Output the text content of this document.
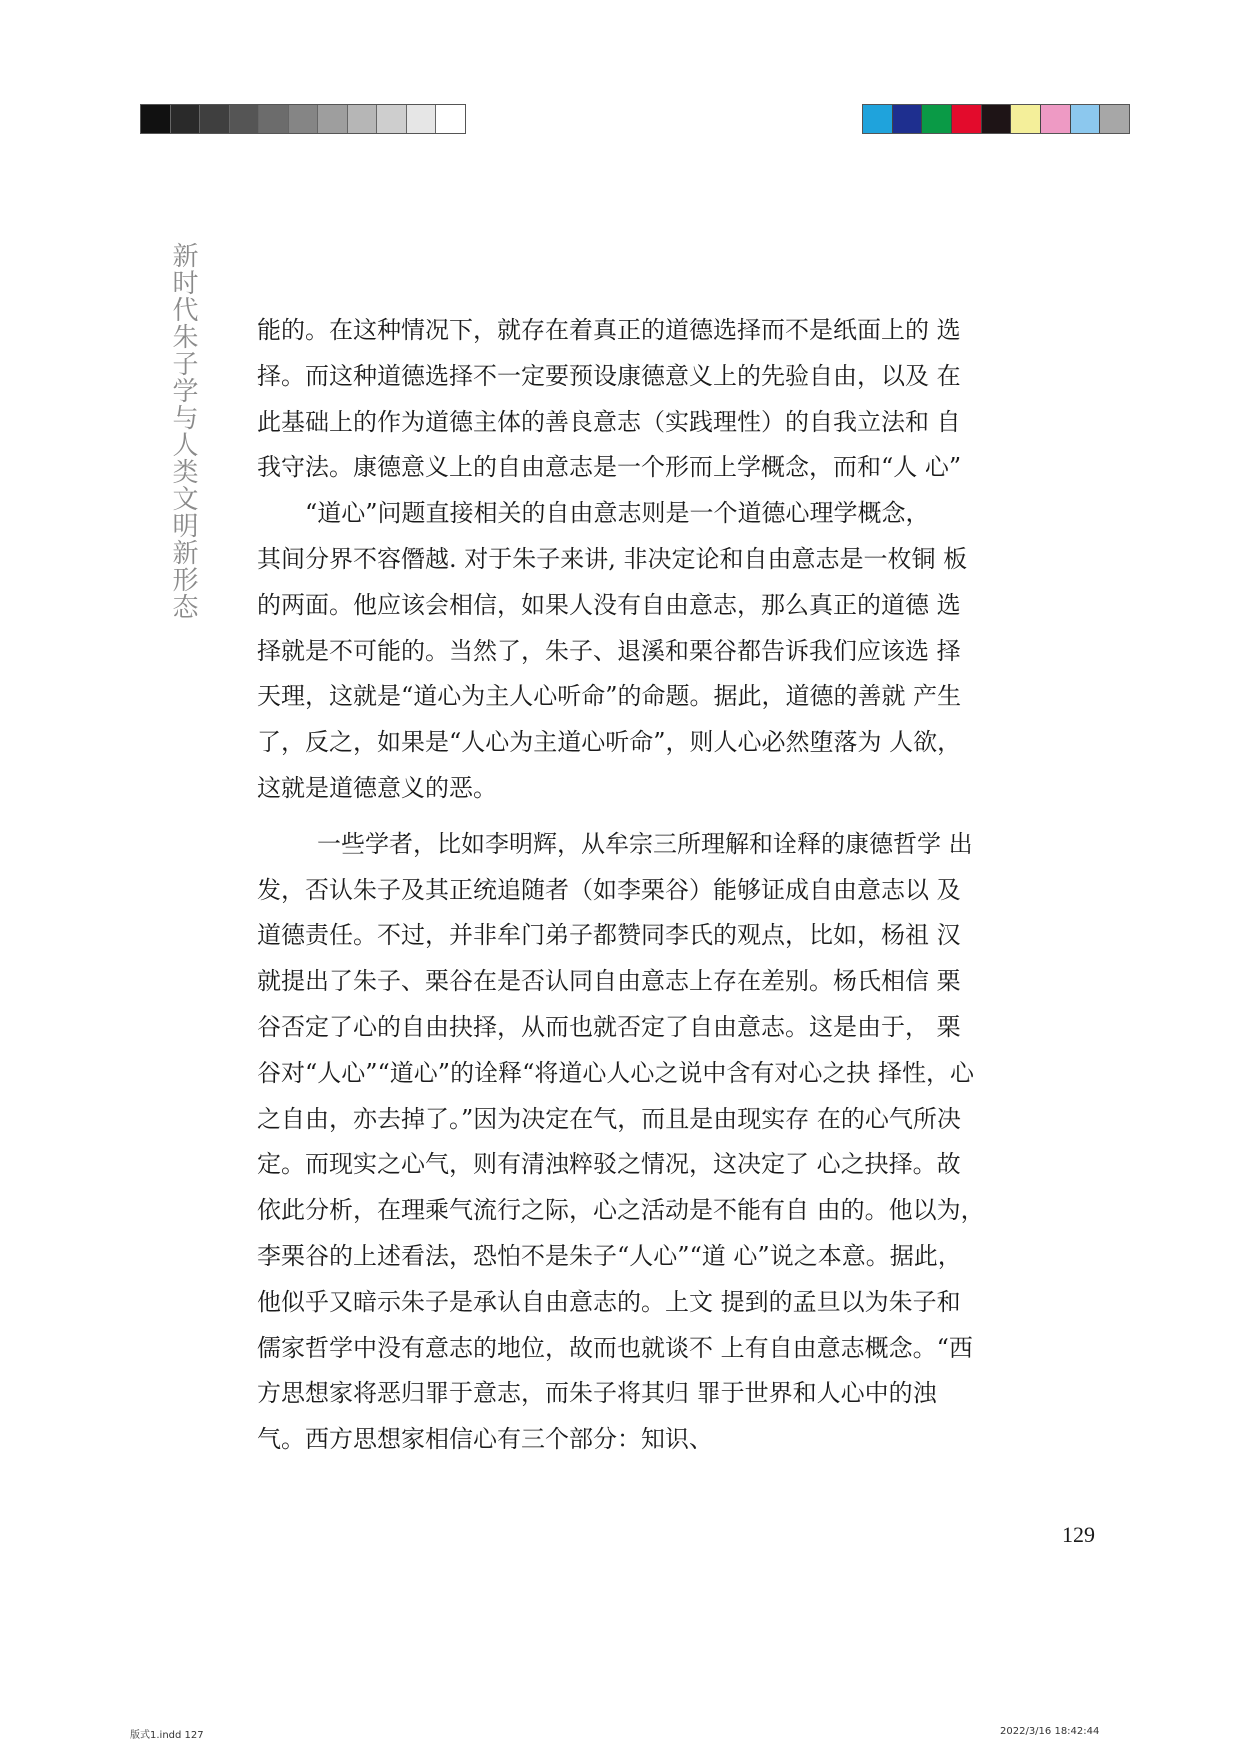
新时代朱子学与人类文明新形态 能的。在这种情况下，就存在着真正的道德选择而不是纸面上的 选

择。而这种道德选择不一定要预设康德意义上的先验自由，以及 在

此基础上的作为道德主体的善良意志（实践理性）的自我立法和 自

我守法。康德意义上的自由意志是一个形而上学概念，而和“人 心”

“道心”问题直接相关的自由意志则是一个道德心理学概念，

其间分界不容僭越. 对于朱子来讲, 非决定论和自由意志是一枚铜 板

的两面。他应该会相信，如果人没有自由意志，那么真正的道德 选

择就是不可能的。当然了，朱子、退溪和栗谷都告诉我们应该选 择

天理，这就是“道心为主人心听命”的命题。据此，道德的善就 产生

了，反之，如果是“人心为主道心听命”，则人心必然堕落为 人欲，

这就是道德意义的恶。

一些学者，比如李明辉，从牟宗三所理解和诠释的康德哲学 出

发，否认朱子及其正统追随者（如李栗谷）能够证成自由意志以 及

道德责任。不过，并非牟门弟子都赞同李氏的观点，比如，杨祖 汉

就提出了朱子、栗谷在是否认同自由意志上存在差别。杨氏相信 栗

谷否定了心的自由抉择，从而也就否定了自由意志。这是由于， 栗

谷对“人心”“道心”的诠释“将道心人心之说中含有对心之抉 择性，心

之自由，亦去掉了。”因为决定在气，而且是由现实存 在的心气所决

定。而现实之心气，则有清浊粹驳之情况，这决定了 心之抉择。故

依此分析，在理乘气流行之际，心之活动是不能有自 由的。他以为，

李栗谷的上述看法，恐怕不是朱子“人心”“道 心”说之本意。据此，

他似乎又暗示朱子是承认自由意志的。上文 提到的孟旦以为朱子和

儒家哲学中没有意志的地位，故而也就谈不 上有自由意志概念。“西

方思想家将恶归罪于意志，而朱子将其归 罪于世界和人心中的浊

气。西方思想家相信心有三个部分：知识、

129
版式1.indd 127	2022/3/16 18:42:44
